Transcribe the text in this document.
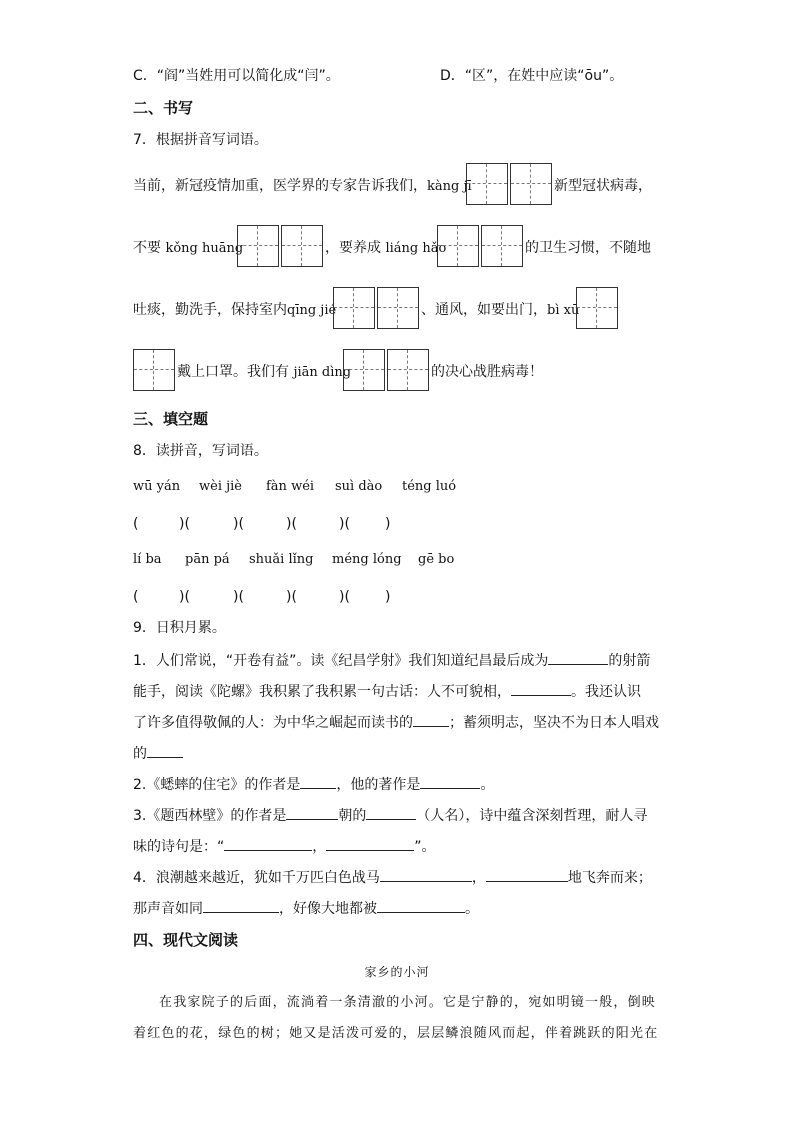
C．“阎”当姓用可以简化成“闫”。	D．“区”，在姓中应读“ōu”。
二、书写
7．根据拼音写词语。
当前，新冠疫情加重，医学界的专家告诉我们，kàng jī	新型冠状病毒，
不要 kǒng huāng	，要养成 liáng hǎo	的卫生习惯，不随地
吐痰，勤洗手，保持室内qīng jié	、通风，如要出门，bì xū
戴上口罩。我们有 jiān dìng	的决心战胜病毒！
三、填空题
8．读拼音，写词语。
wū yán wèi jiè fàn wéi suì dào téng luó
(	)(	)(	)(	)(	)
lí ba pān pá shuǎi lǐng méng lóng gē bo
(	)(	)(	)(	)(	)
9．日积月累。
1．人们常说，“开卷有益”。读《纪昌学射》我们知道纪昌最后成为	的射箭
能手，阅读《陀螺》我积累了我积累一句古话：人不可貌相，	。我还认识
了许多值得敬佩的人：为中华之崛起而读书的	；蓄须明志，坚决不为日本人唱戏
的
2.《蟋蟀的住宅》的作者是	，他的著作是	。
3.《题西林壁》的作者是	朝的	（人名），诗中蕴含深刻哲理，耐人寻
味的诗句是：“	，	”。
4．浪潮越来越近，犹如千万匹白色战马	，	地飞奔而来；
那声音如同	，好像大地都被	。
四、现代文阅读
家乡的小河
在我家院子的后面，流淌着一条清澈的小河。它是宁静的，宛如明镜一般，倒映
着红色的花，绿色的树；她又是活泼可爱的，层层鳞浪随风而起，伴着跳跃的阳光在
